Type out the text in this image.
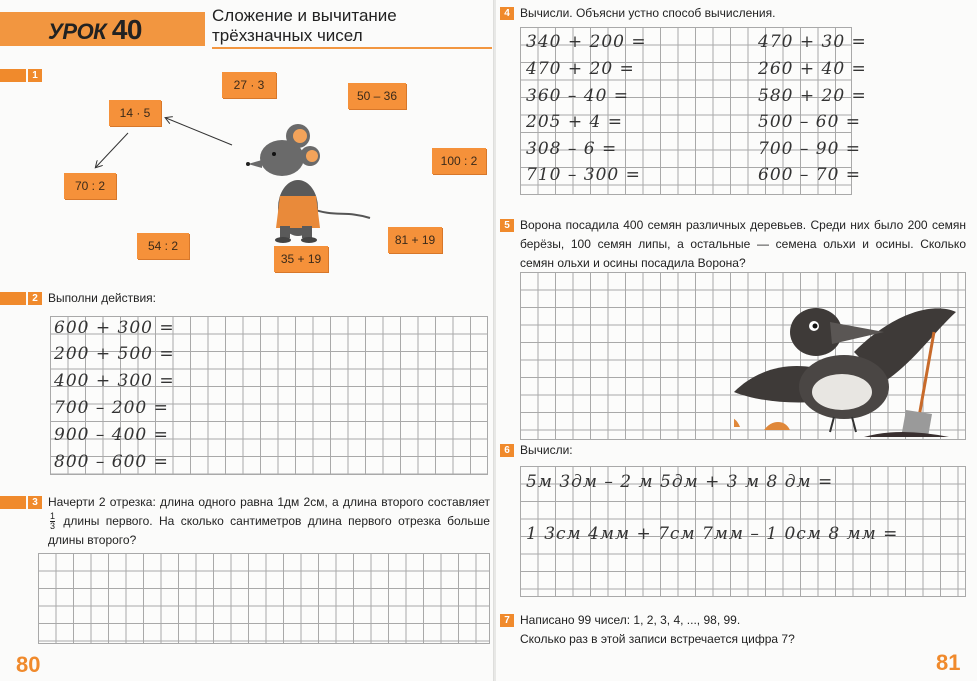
УРОК 40	Сложение и вычитание
трёхзначных чисел
1
27 · 3
50 – 36
14 · 5
100 : 2
70 : 2
81 + 19
54 : 2
35 + 19
2 Выполни действия:
600 + 300 =
200 + 500 =
400 + 300 =
700 – 200 =
900 – 400 =
800 – 600 =
3 Начерти 2 отрезка: длина одного равна 1дм 2см, а длина второго составляет
$\frac{1}{3}$ длины первого. На сколько сантиметров длина первого отрезка больше длины второго?
80
4 Вычисли. Объясни устно способ вычисления.
340 + 200 =
470 + 20 =
360 – 40 =
205 + 4 =
308 – 6 =
710 – 300 =
470 + 30 =
260 + 40 =
580 + 20 =
500 – 60 =
700 – 90 =
600 – 70 =
5 Ворона посадила 400 семян различных деревьев. Среди них было 200 семян берёзы, 100 семян липы, а остальные — семена ольхи и осины. Сколько семян ольхи и осины посадила Ворона?
6 Вычисли:
5м 3дм – 2 м 5дм + 3 м 8 дм =
1 3см 4мм + 7см 7мм – 1 0см 8 мм =
7 Написано 99 чисел: 1, 2, 3, 4, ..., 98, 99.
Сколько раз в этой записи встречается цифра 7?
81
